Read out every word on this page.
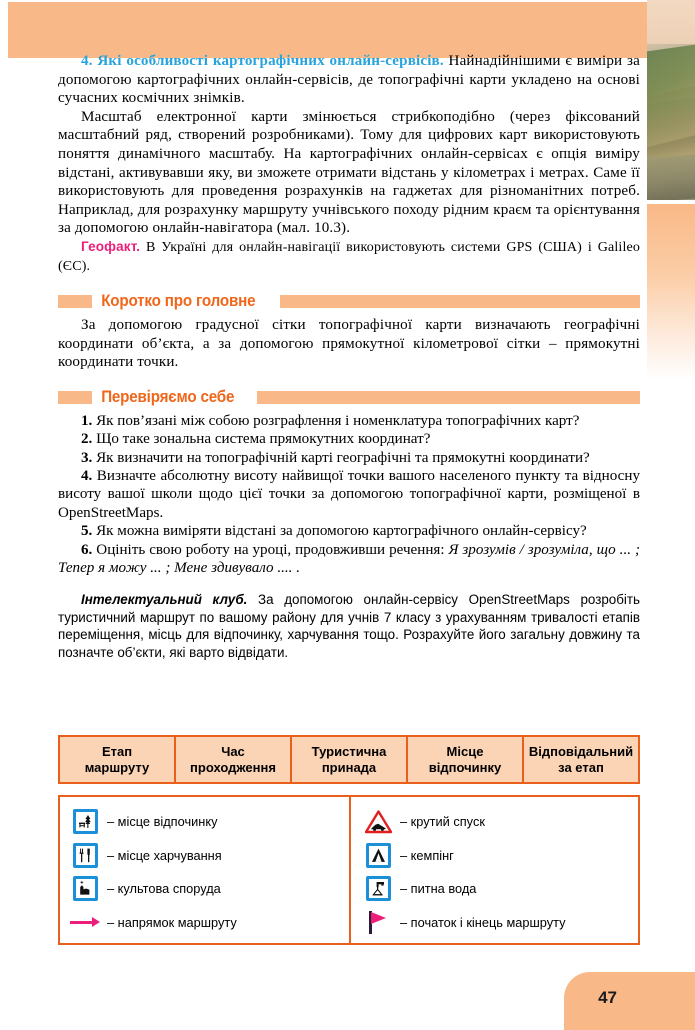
47

4. Які особливості картографічних онлайн-сервісів. Найнадійнішими є виміри за допомогою картографічних онлайн-сервісів, де топографічні карти укладено на основі сучасних космічних знімків.

Масштаб електронної карти змінюється стрибкоподібно (через фіксований масштабний ряд, створений розробниками). Тому для цифрових карт використовують поняття динамічного масштабу. На картографічних онлайн-сервісах є опція виміру відстані, активувавши яку, ви зможете отримати відстань у кілометрах і метрах. Саме її використовують для проведення розрахунків на гаджетах для різноманітних потреб. Наприклад, для розрахунку маршруту учнівського походу рідним краєм та орієнтування за допомогою онлайн-навігатора (мал. 10.3).

Геофакт. В Україні для онлайн-навігації використовують системи GPS (США) і Galileo (ЄС).

Коротко про головне

За допомогою градусної сітки топографічної карти визначають географічні координати об’єкта, а за допомогою прямокутної кілометрової сітки – прямокутні координати точки.

Перевіряємо себе

1. Як пов’язані між собою розграфлення і номенклатура топографічних карт?

2. Що таке зональна система прямокутних координат?

3. Як визначити на топографічній карті географічні та прямокутні координати?

4. Визначте абсолютну висоту найвищої точки вашого населеного пункту та відносну висоту вашої школи щодо цієї точки за допомогою топографічної карти, розміщеної в OpenStreetMaps.

5. Як можна виміряти відстані за допомогою картографічного онлайн-сервісу?

6. Оцініть свою роботу на уроці, продовживши речення: Я зрозумів / зрозуміла, що ... ; Тепер я можу ... ; Мене здивувало .... .

Інтелектуальний клуб. За допомогою онлайн-сервісу OpenStreetMaps розробіть туристичний маршрут по вашому району для учнів 7 класу з урахуванням тривалості етапів переміщення, місць для відпочинку, харчування тощо. Розрахуйте його загальну довжину та позначте об’єкти, які варто відвідати.

Етап
маршруту
Час
проходження
Туристична
принада
Місце
відпочинку
Відповідальний
за етап
– місце відпочинку
– місце харчування
– культова споруда
– напрямок маршруту
– крутий спуск
– кемпінг
– питна вода
– початок і кінець маршруту
